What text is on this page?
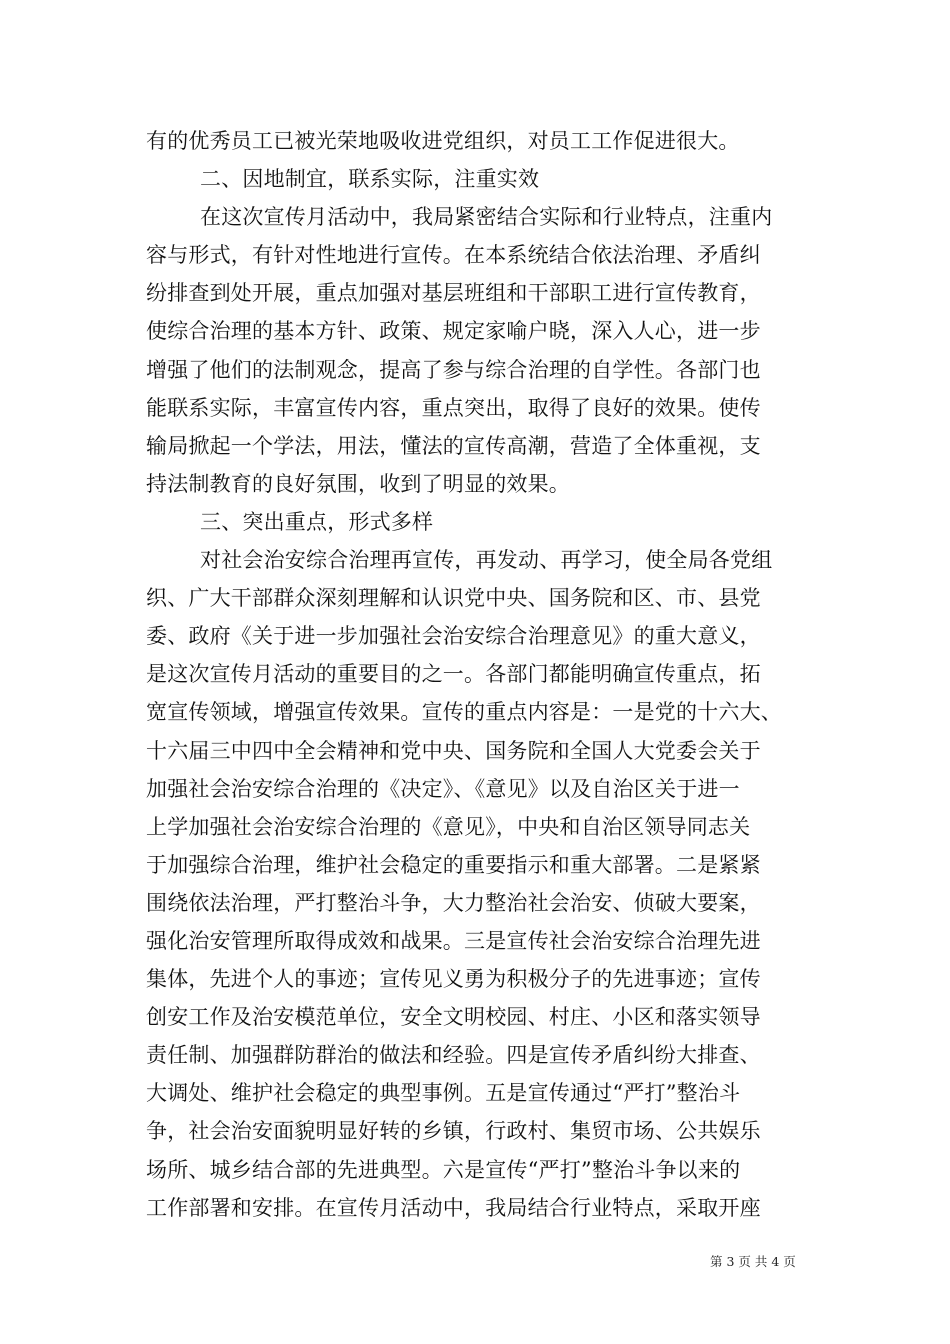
有的优秀员工已被光荣地吸收进党组织，对员工工作促进很大。
二、因地制宜，联系实际，注重实效
在这次宣传月活动中，我局紧密结合实际和行业特点，注重内
容与形式，有针对性地进行宣传。在本系统结合依法治理、矛盾纠
纷排查到处开展，重点加强对基层班组和干部职工进行宣传教育，
使综合治理的基本方针、政策、规定家喻户晓，深入人心，进一步
增强了他们的法制观念，提高了参与综合治理的自学性。各部门也
能联系实际，丰富宣传内容，重点突出，取得了良好的效果。使传
输局掀起一个学法，用法，懂法的宣传高潮，营造了全体重视，支
持法制教育的良好氛围，收到了明显的效果。
三、突出重点，形式多样
对社会治安综合治理再宣传，再发动、再学习，使全局各党组
织、广大干部群众深刻理解和认识党中央、国务院和区、市、县党
委、政府《关于进一步加强社会治安综合治理意见》的重大意义，
是这次宣传月活动的重要目的之一。各部门都能明确宣传重点，拓
宽宣传领域，增强宣传效果。宣传的重点内容是：一是党的十六大、
十六届三中四中全会精神和党中央、国务院和全国人大党委会关于
加强社会治安综合治理的《决定》、《意见》以及自治区关于进一
上学加强社会治安综合治理的《意见》，中央和自治区领导同志关
于加强综合治理，维护社会稳定的重要指示和重大部署。二是紧紧
围绕依法治理，严打整治斗争，大力整治社会治安、侦破大要案，
强化治安管理所取得成效和战果。三是宣传社会治安综合治理先进
集体，先进个人的事迹；宣传见义勇为积极分子的先进事迹；宣传
创安工作及治安模范单位，安全文明校园、村庄、小区和落实领导
责任制、加强群防群治的做法和经验。四是宣传矛盾纠纷大排查、
大调处、维护社会稳定的典型事例。五是宣传通过“严打”整治斗
争，社会治安面貌明显好转的乡镇，行政村、集贸市场、公共娱乐
场所、城乡结合部的先进典型。六是宣传“严打”整治斗争以来的
工作部署和安排。在宣传月活动中，我局结合行业特点，采取开座
第 3 页 共 4 页
